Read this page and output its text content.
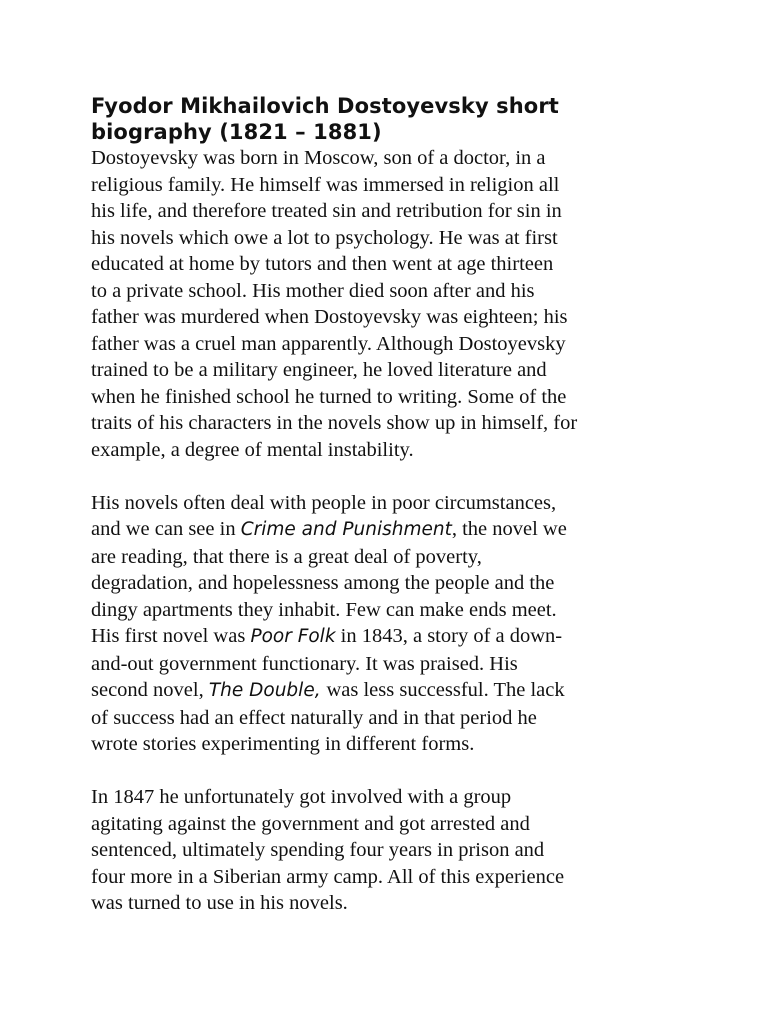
Fyodor Mikhailovich Dostoyevsky short
biography (1821 – 1881)

Dostoyevsky was born in Moscow, son of a doctor, in a
religious family. He himself was immersed in religion all
his life, and therefore treated sin and retribution for sin in
his novels which owe a lot to psychology. He was at first
educated at home by tutors and then went at age thirteen
to a private school. His mother died soon after and his
father was murdered when Dostoyevsky was eighteen; his
father was a cruel man apparently. Although Dostoyevsky
trained to be a military engineer, he loved literature and
when he finished school he turned to writing. Some of the
traits of his characters in the novels show up in himself, for
example, a degree of mental instability.

His novels often deal with people in poor circumstances,
and we can see in Crime and Punishment, the novel we
are reading, that there is a great deal of poverty,
degradation, and hopelessness among the people and the
dingy apartments they inhabit. Few can make ends meet.
His first novel was Poor Folk in 1843, a story of a down-
and-out government functionary. It was praised. His
second novel, The Double, was less successful. The lack
of success had an effect naturally and in that period he
wrote stories experimenting in different forms.

In 1847 he unfortunately got involved with a group
agitating against the government and got arrested and
sentenced, ultimately spending four years in prison and
four more in a Siberian army camp. All of this experience
was turned to use in his novels.
